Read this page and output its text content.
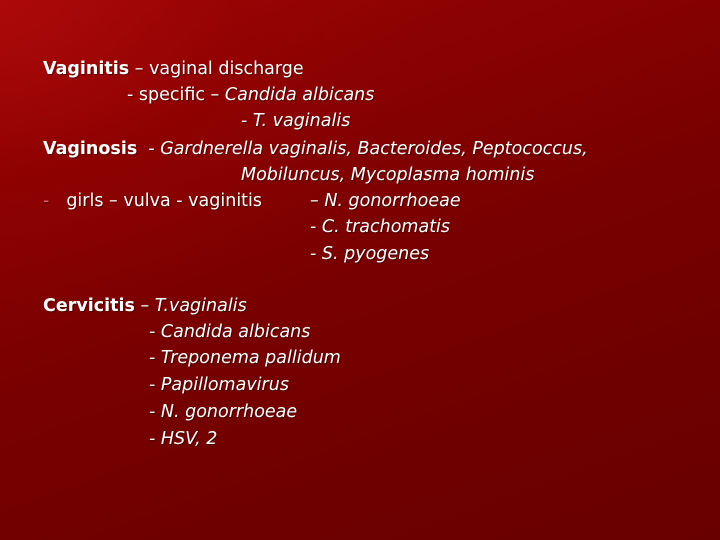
Vaginitis – vaginal discharge
- specific – Candida albicans
- T. vaginalis
Vaginosis  - Gardnerella vaginalis, Bacteroides, Peptococcus,
Mobiluncus, Mycoplasma hominis
- girls – vulva - vaginitis	– N. gonorrhoeae
- C. trachomatis
- S. pyogenes
Cervicitis – T.vaginalis
- Candida albicans
- Treponema pallidum
- Papillomavirus
- N. gonorrhoeae
- HSV, 2
